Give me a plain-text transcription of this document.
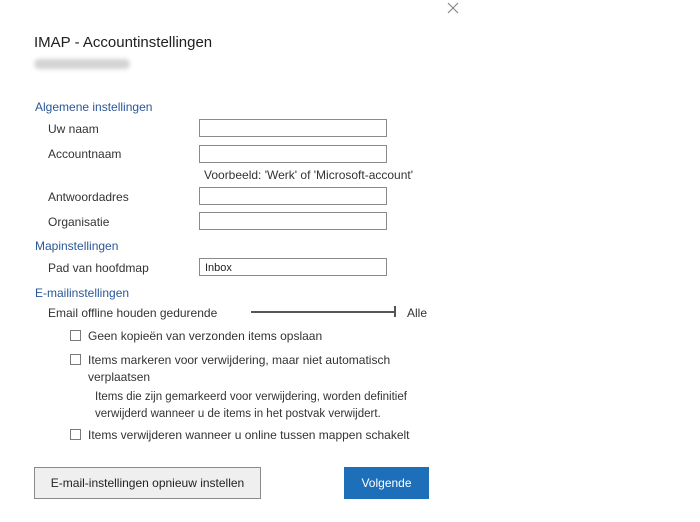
IMAP - Accountinstellingen
Algemene instellingen
Uw naam
Accountnaam
Voorbeeld: 'Werk' of 'Microsoft-account'
Antwoordadres
Organisatie
Mapinstellingen
Pad van hoofdmap	Inbox
E-mailinstellingen
Email offline houden gedurende	Alle
Geen kopieën van verzonden items opslaan
Items markeren voor verwijdering, maar niet automatisch
verplaatsen
Items die zijn gemarkeerd voor verwijdering, worden definitief
verwijderd wanneer u de items in het postvak verwijdert.
Items verwijderen wanneer u online tussen mappen schakelt
E-mail-instellingen opnieuw instellen	Volgende
